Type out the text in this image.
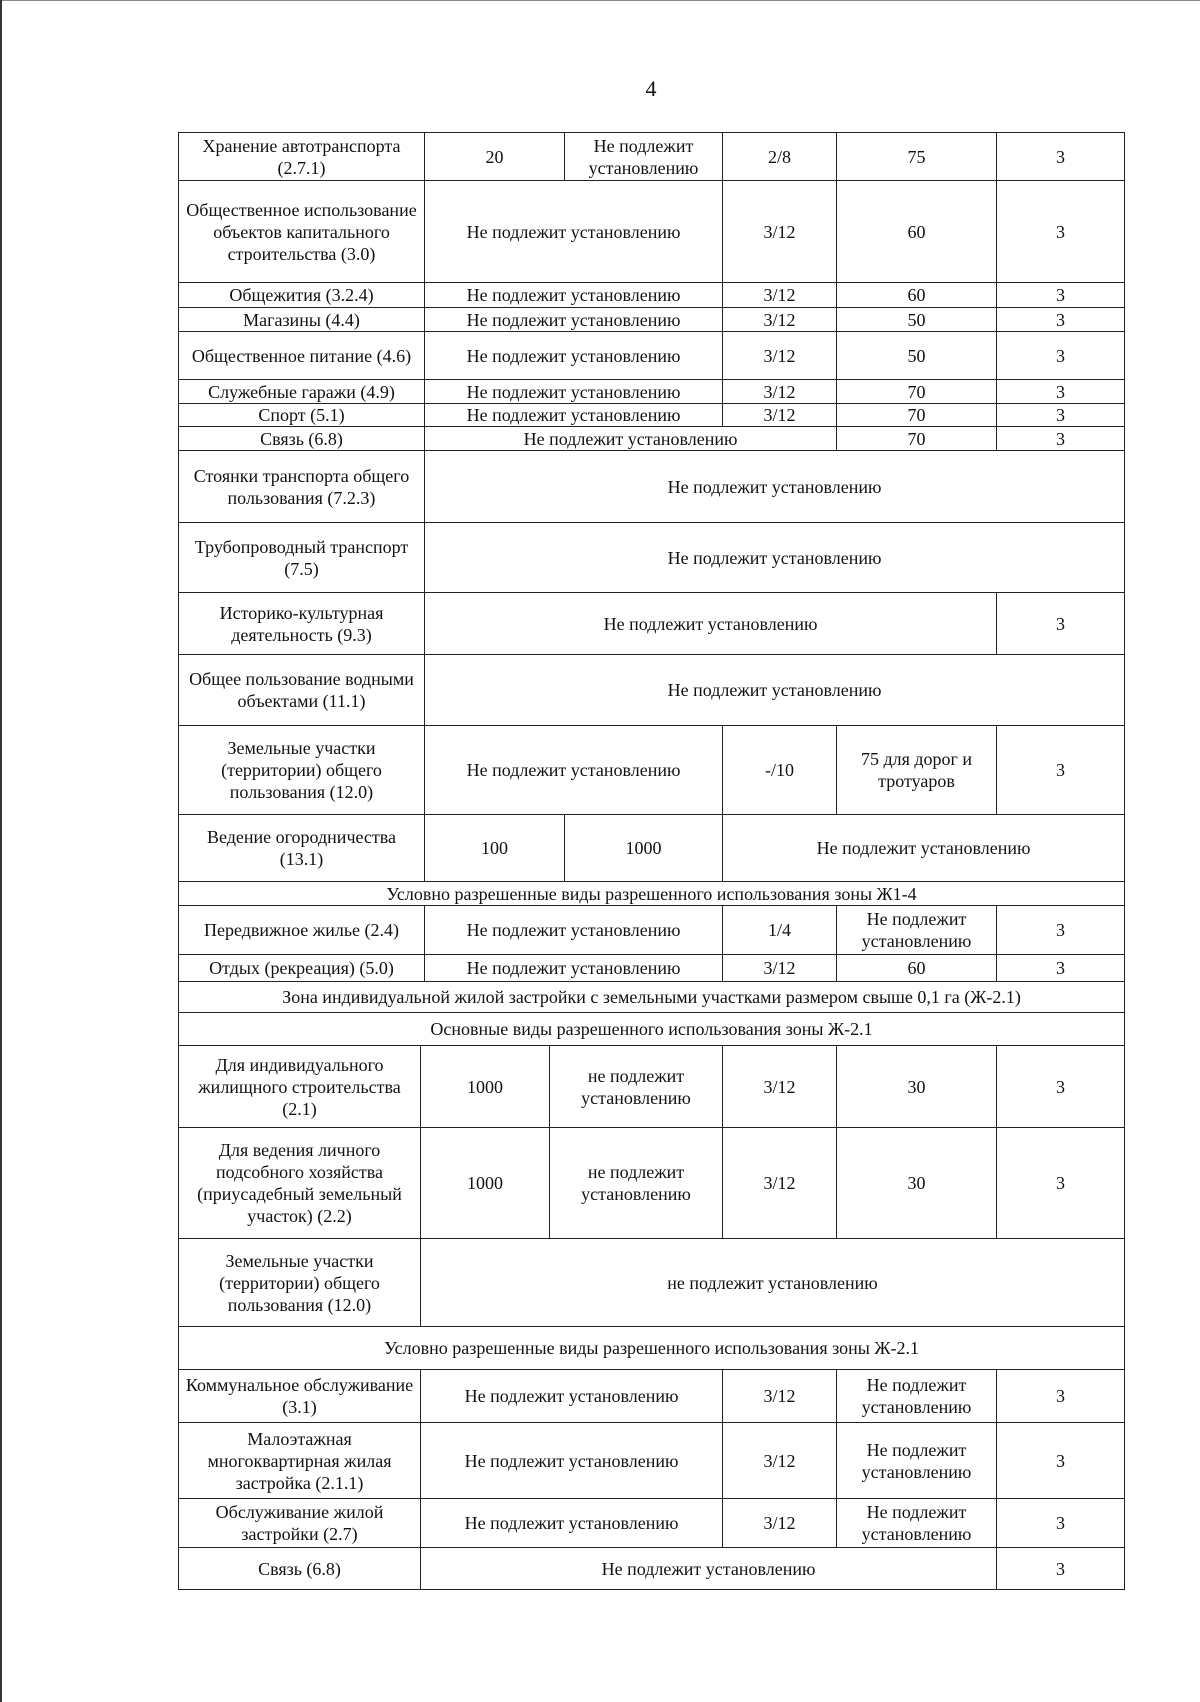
4
Хранение автотранспорта (2.7.1)	20	Не подлежит установлению	2/8	75	3
Общественное использование объектов капитального строительства (3.0)	Не подлежит установлению		3/12	60	3
Общежития (3.2.4)	Не подлежит установлению		3/12	60	3
Магазины (4.4)	Не подлежит установлению		3/12	50	3
Общественное питание (4.6)	Не подлежит установлению		3/12	50	3
Служебные гаражи (4.9)	Не подлежит установлению		3/12	70	3
Спорт (5.1)	Не подлежит установлению		3/12	70	3
Связь (6.8)	Не подлежит установлению			70	3
Стоянки транспорта общего пользования (7.2.3)	Не подлежит установлению				
Трубопроводный транспорт (7.5)	Не подлежит установлению				
Историко-культурная деятельность (9.3)	Не подлежит установлению				3
Общее пользование водными объектами (11.1)	Не подлежит установлению				
Земельные участки (территории) общего пользования (12.0)	Не подлежит установлению		-/10	75 для дорог и тротуаров	3
Ведение огородничества (13.1)	100	1000	Не подлежит установлению		
Условно разрешенные виды разрешенного использования зоны Ж1-4					
Передвижное жилье (2.4)	Не подлежит установлению		1/4	Не подлежит установлению	3
Отдых (рекреация) (5.0)	Не подлежит установлению		3/12	60	3
Зона индивидуальной жилой застройки с земельными участками размером свыше 0,1 га (Ж-2.1)					
Основные виды разрешенного использования зоны Ж-2.1					
Для индивидуального жилищного строительства (2.1)	1000	не подлежит установлению	3/12	30	3
Для ведения личного подсобного хозяйства (приусадебный земельный участок) (2.2)	1000	не подлежит установлению	3/12	30	3
Земельные участки (территории) общего пользования (12.0)	не подлежит установлению				
Условно разрешенные виды разрешенного использования зоны Ж-2.1					
Коммунальное обслуживание (3.1)	Не подлежит установлению		3/12	Не подлежит установлению	3
Малоэтажная многоквартирная жилая застройка (2.1.1)	Не подлежит установлению		3/12	Не подлежит установлению	3
Обслуживание жилой застройки (2.7)	Не подлежит установлению		3/12	Не подлежит установлению	3
Связь (6.8)	Не подлежит установлению				3
